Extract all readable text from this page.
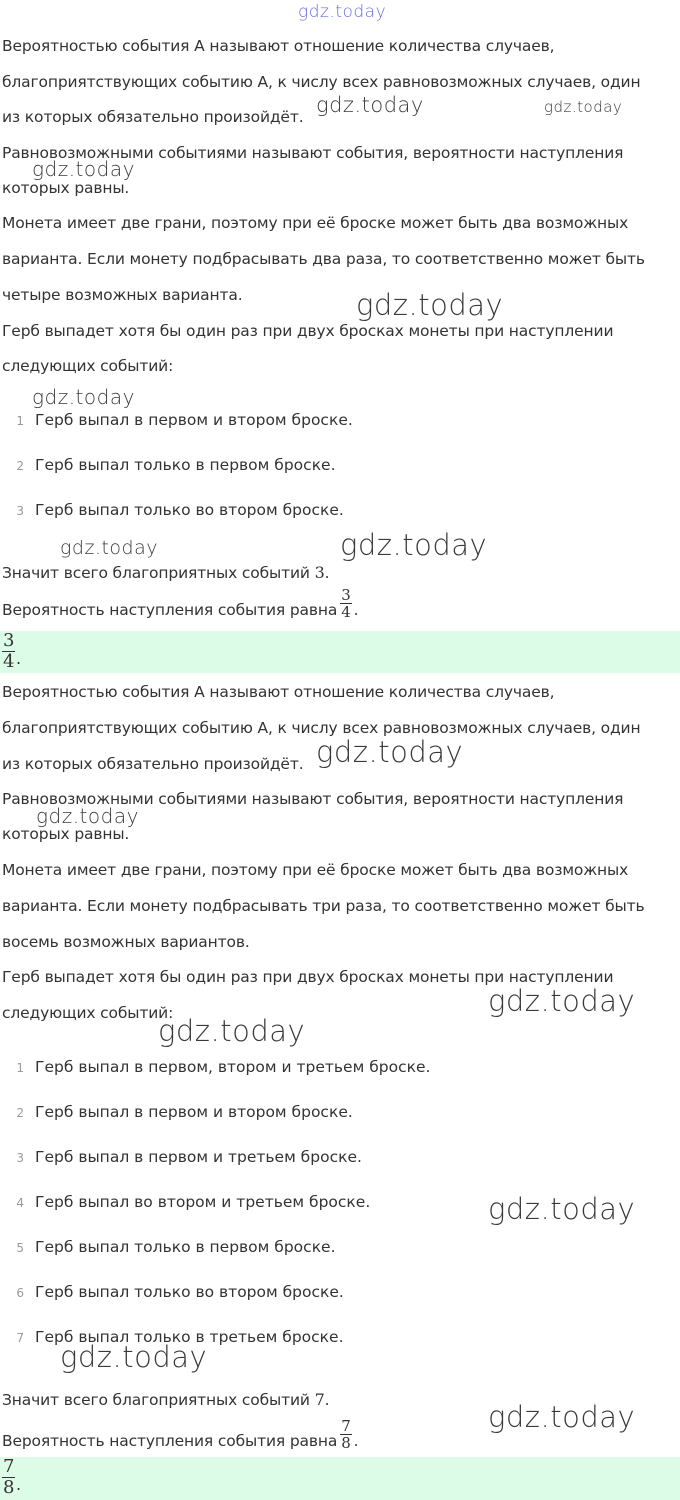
Вероятностью события А называют отношение количества случаев,
благоприятствующих событию А, к числу всех равновозможных случаев, один
из которых обязательно произойдёт.
Равновозможными событиями называют события, вероятности наступления
которых равны.
Монета имеет две грани, поэтому при её броске может быть два возможных
варианта. Если монету подбрасывать два раза, то соответственно может быть
четыре возможных варианта.
Герб выпадет хотя бы один раз при двух бросках монеты при наступлении
следующих событий:
1 Герб выпал в первом и втором броске.
2 Герб выпал только в первом броске.
3 Герб выпал только во втором броске.
Значит всего благоприятных событий 3.
Вероятность наступления события равна $\frac{3}{4}$ .
$\frac{3}{4}$ .
Вероятностью события А называют отношение количества случаев,
благоприятствующих событию А, к числу всех равновозможных случаев, один
из которых обязательно произойдёт.
Равновозможными событиями называют события, вероятности наступления
которых равны.
Монета имеет две грани, поэтому при её броске может быть два возможных
варианта. Если монету подбрасывать три раза, то соответственно может быть
восемь возможных вариантов.
Герб выпадет хотя бы один раз при двух бросках монеты при наступлении
следующих событий:
1 Герб выпал в первом, втором и третьем броске.
2 Герб выпал в первом и втором броске.
3 Герб выпал в первом и третьем броске.
4 Герб выпал во втором и третьем броске.
5 Герб выпал только в первом броске.
6 Герб выпал только во втором броске.
7 Герб выпал только в третьем броске.
Значит всего благоприятных событий 7.
Вероятность наступления события равна $\frac{7}{8}$ .
$\frac{7}{8}$ .
gdz.today
gdz.today	gdz.today
gdz.today
gdz.today
gdz.today
gdz.today	gdz.today
gdz.today
gdz.today
gdz.today
gdz.today
gdz.today
gdz.today
gdz.today
